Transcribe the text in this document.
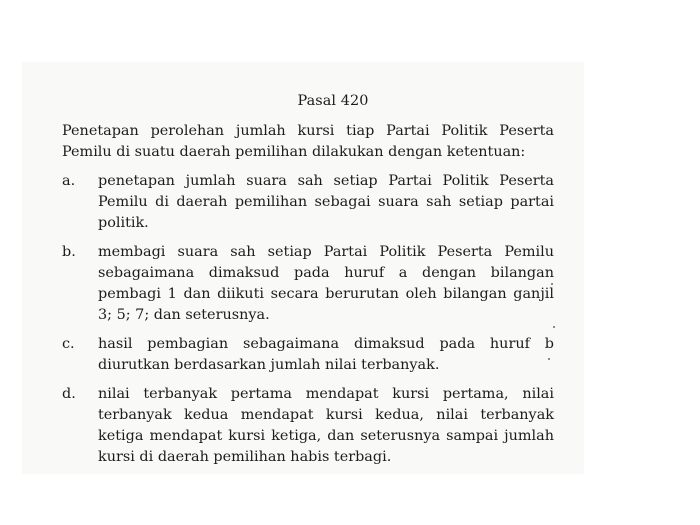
Pasal 420
Penetapan perolehan jumlah kursi tiap Partai Politik Peserta Pemilu di suatu daerah pemilihan dilakukan dengan ketentuan:
a. penetapan jumlah suara sah setiap Partai Politik Peserta Pemilu di daerah pemilihan sebagai suara sah setiap partai politik.
b. membagi suara sah setiap Partai Politik Peserta Pemilu sebagaimana dimaksud pada huruf a dengan bilangan pembagi 1 dan diikuti secara berurutan oleh bilangan ganjil 3; 5; 7; dan seterusnya.
c. hasil pembagian sebagaimana dimaksud pada huruf b diurutkan berdasarkan jumlah nilai terbanyak.
d. nilai terbanyak pertama mendapat kursi pertama, nilai terbanyak kedua mendapat kursi kedua, nilai terbanyak ketiga mendapat kursi ketiga, dan seterusnya sampai jumlah kursi di daerah pemilihan habis terbagi.
